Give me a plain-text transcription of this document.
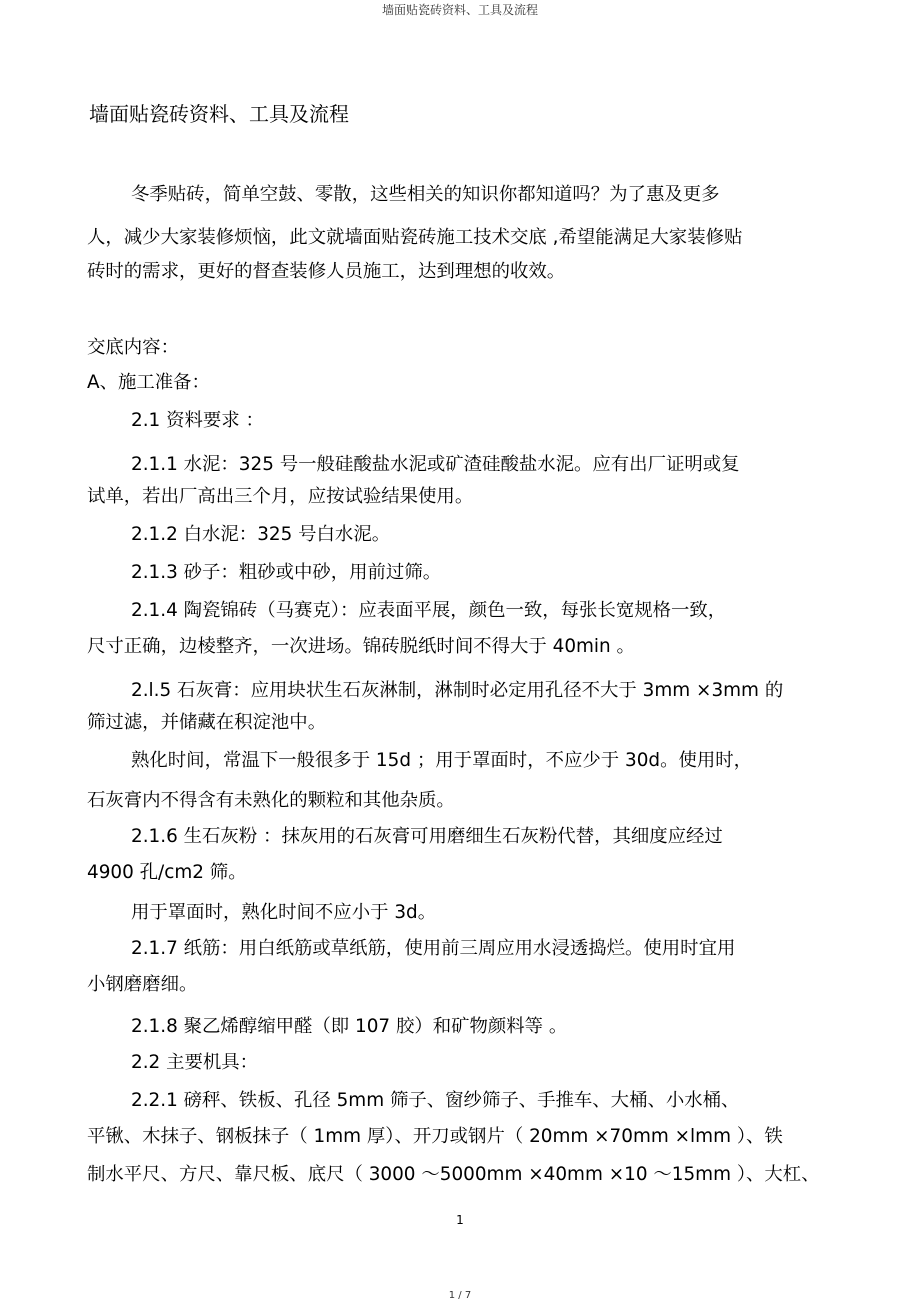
墙面贴瓷砖资料、工具及流程
墙面贴瓷砖资料、工具及流程
冬季贴砖，简单空鼓、零散，这些相关的知识你都知道吗？为了惠及更多
人，减少大家装修烦恼，此文就墙面贴瓷砖施工技术交底 ,希望能满足大家装修贴
砖时的需求，更好的督查装修人员施工，达到理想的收效。
交底内容：
A、施工准备：
2.1 资料要求 ：
2.1.1 水泥：325 号一般硅酸盐水泥或矿渣硅酸盐水泥。应有出厂证明或复
试单，若出厂高出三个月，应按试验结果使用。
2.1.2 白水泥：325 号白水泥。
2.1.3 砂子：粗砂或中砂，用前过筛。
2.1.4 陶瓷锦砖（马赛克）：应表面平展，颜色一致，每张长宽规格一致，
尺寸正确，边棱整齐，一次进场。锦砖脱纸时间不得大于 40min 。
2.l.5 石灰膏：应用块状生石灰淋制，淋制时必定用孔径不大于 3mm ×3mm 的
筛过滤，并储藏在积淀池中。
熟化时间，常温下一般很多于 15d ；用于罩面时，不应少于 30d。使用时，
石灰膏内不得含有未熟化的颗粒和其他杂质。
2.1.6 生石灰粉 ：抹灰用的石灰膏可用磨细生石灰粉代替，其细度应经过
4900 孔/cm2 筛。
用于罩面时，熟化时间不应小于 3d。
2.1.7 纸筋：用白纸筋或草纸筋，使用前三周应用水浸透捣烂。使用时宜用
小钢磨磨细。
2.1.8 聚乙烯醇缩甲醛（即 107 胶）和矿物颜料等 。
2.2 主要机具：
2.2.1 磅秤、铁板、孔径 5mm 筛子、窗纱筛子、手推车、大桶、小水桶、
平锹、木抹子、钢板抹子（ 1mm 厚）、开刀或钢片（ 20mm ×70mm ×lmm ）、铁
制水平尺、方尺、靠尺板、底尺（ 3000 ～5000mm ×40mm ×10 ～15mm ）、大杠、
1
1 / 7
